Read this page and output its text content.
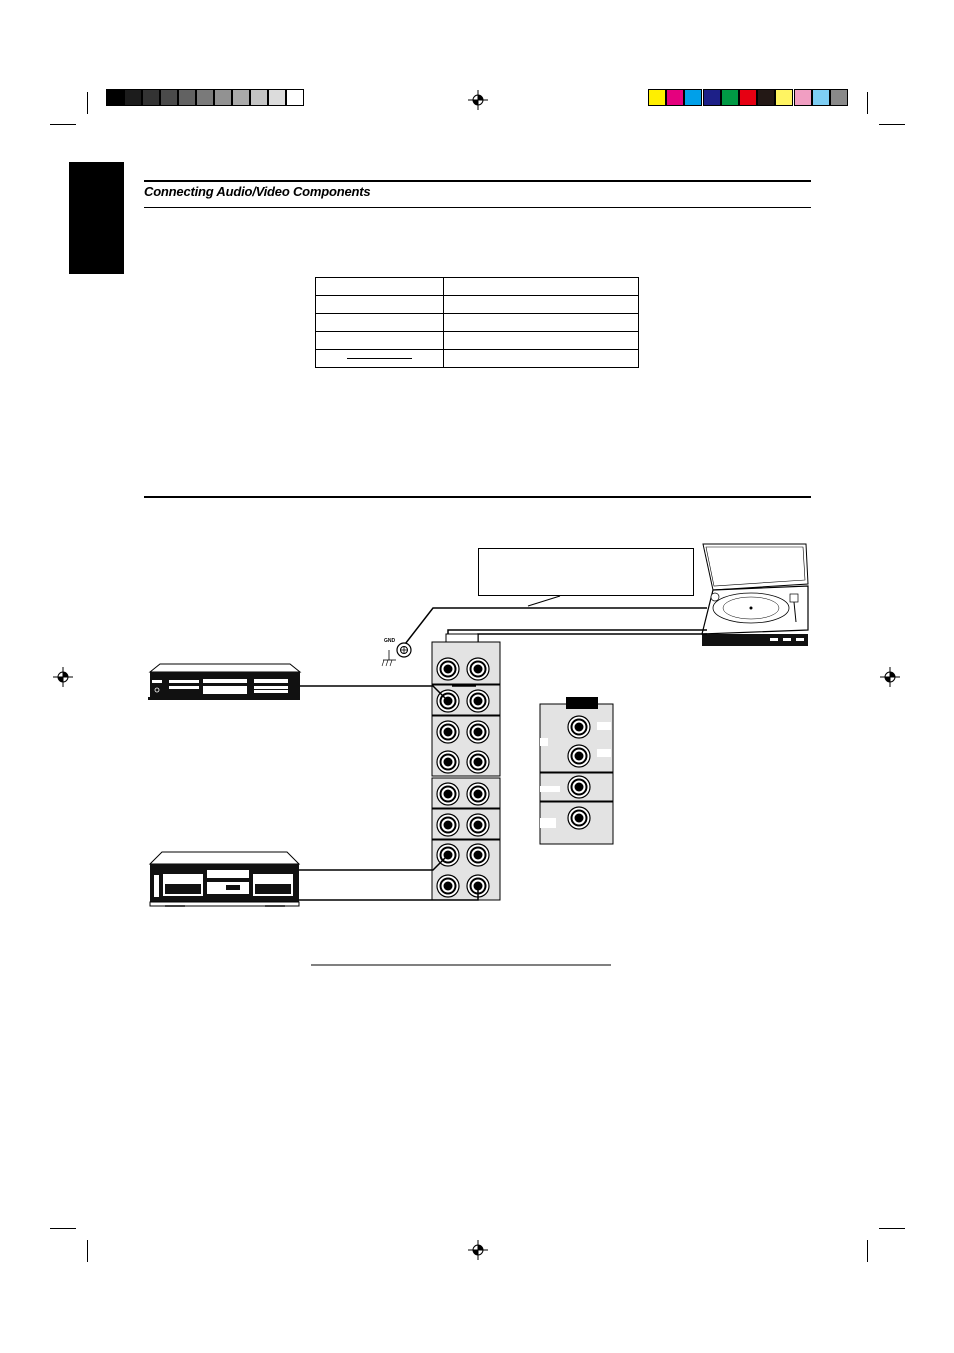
Connecting Audio/Video Components

GND
